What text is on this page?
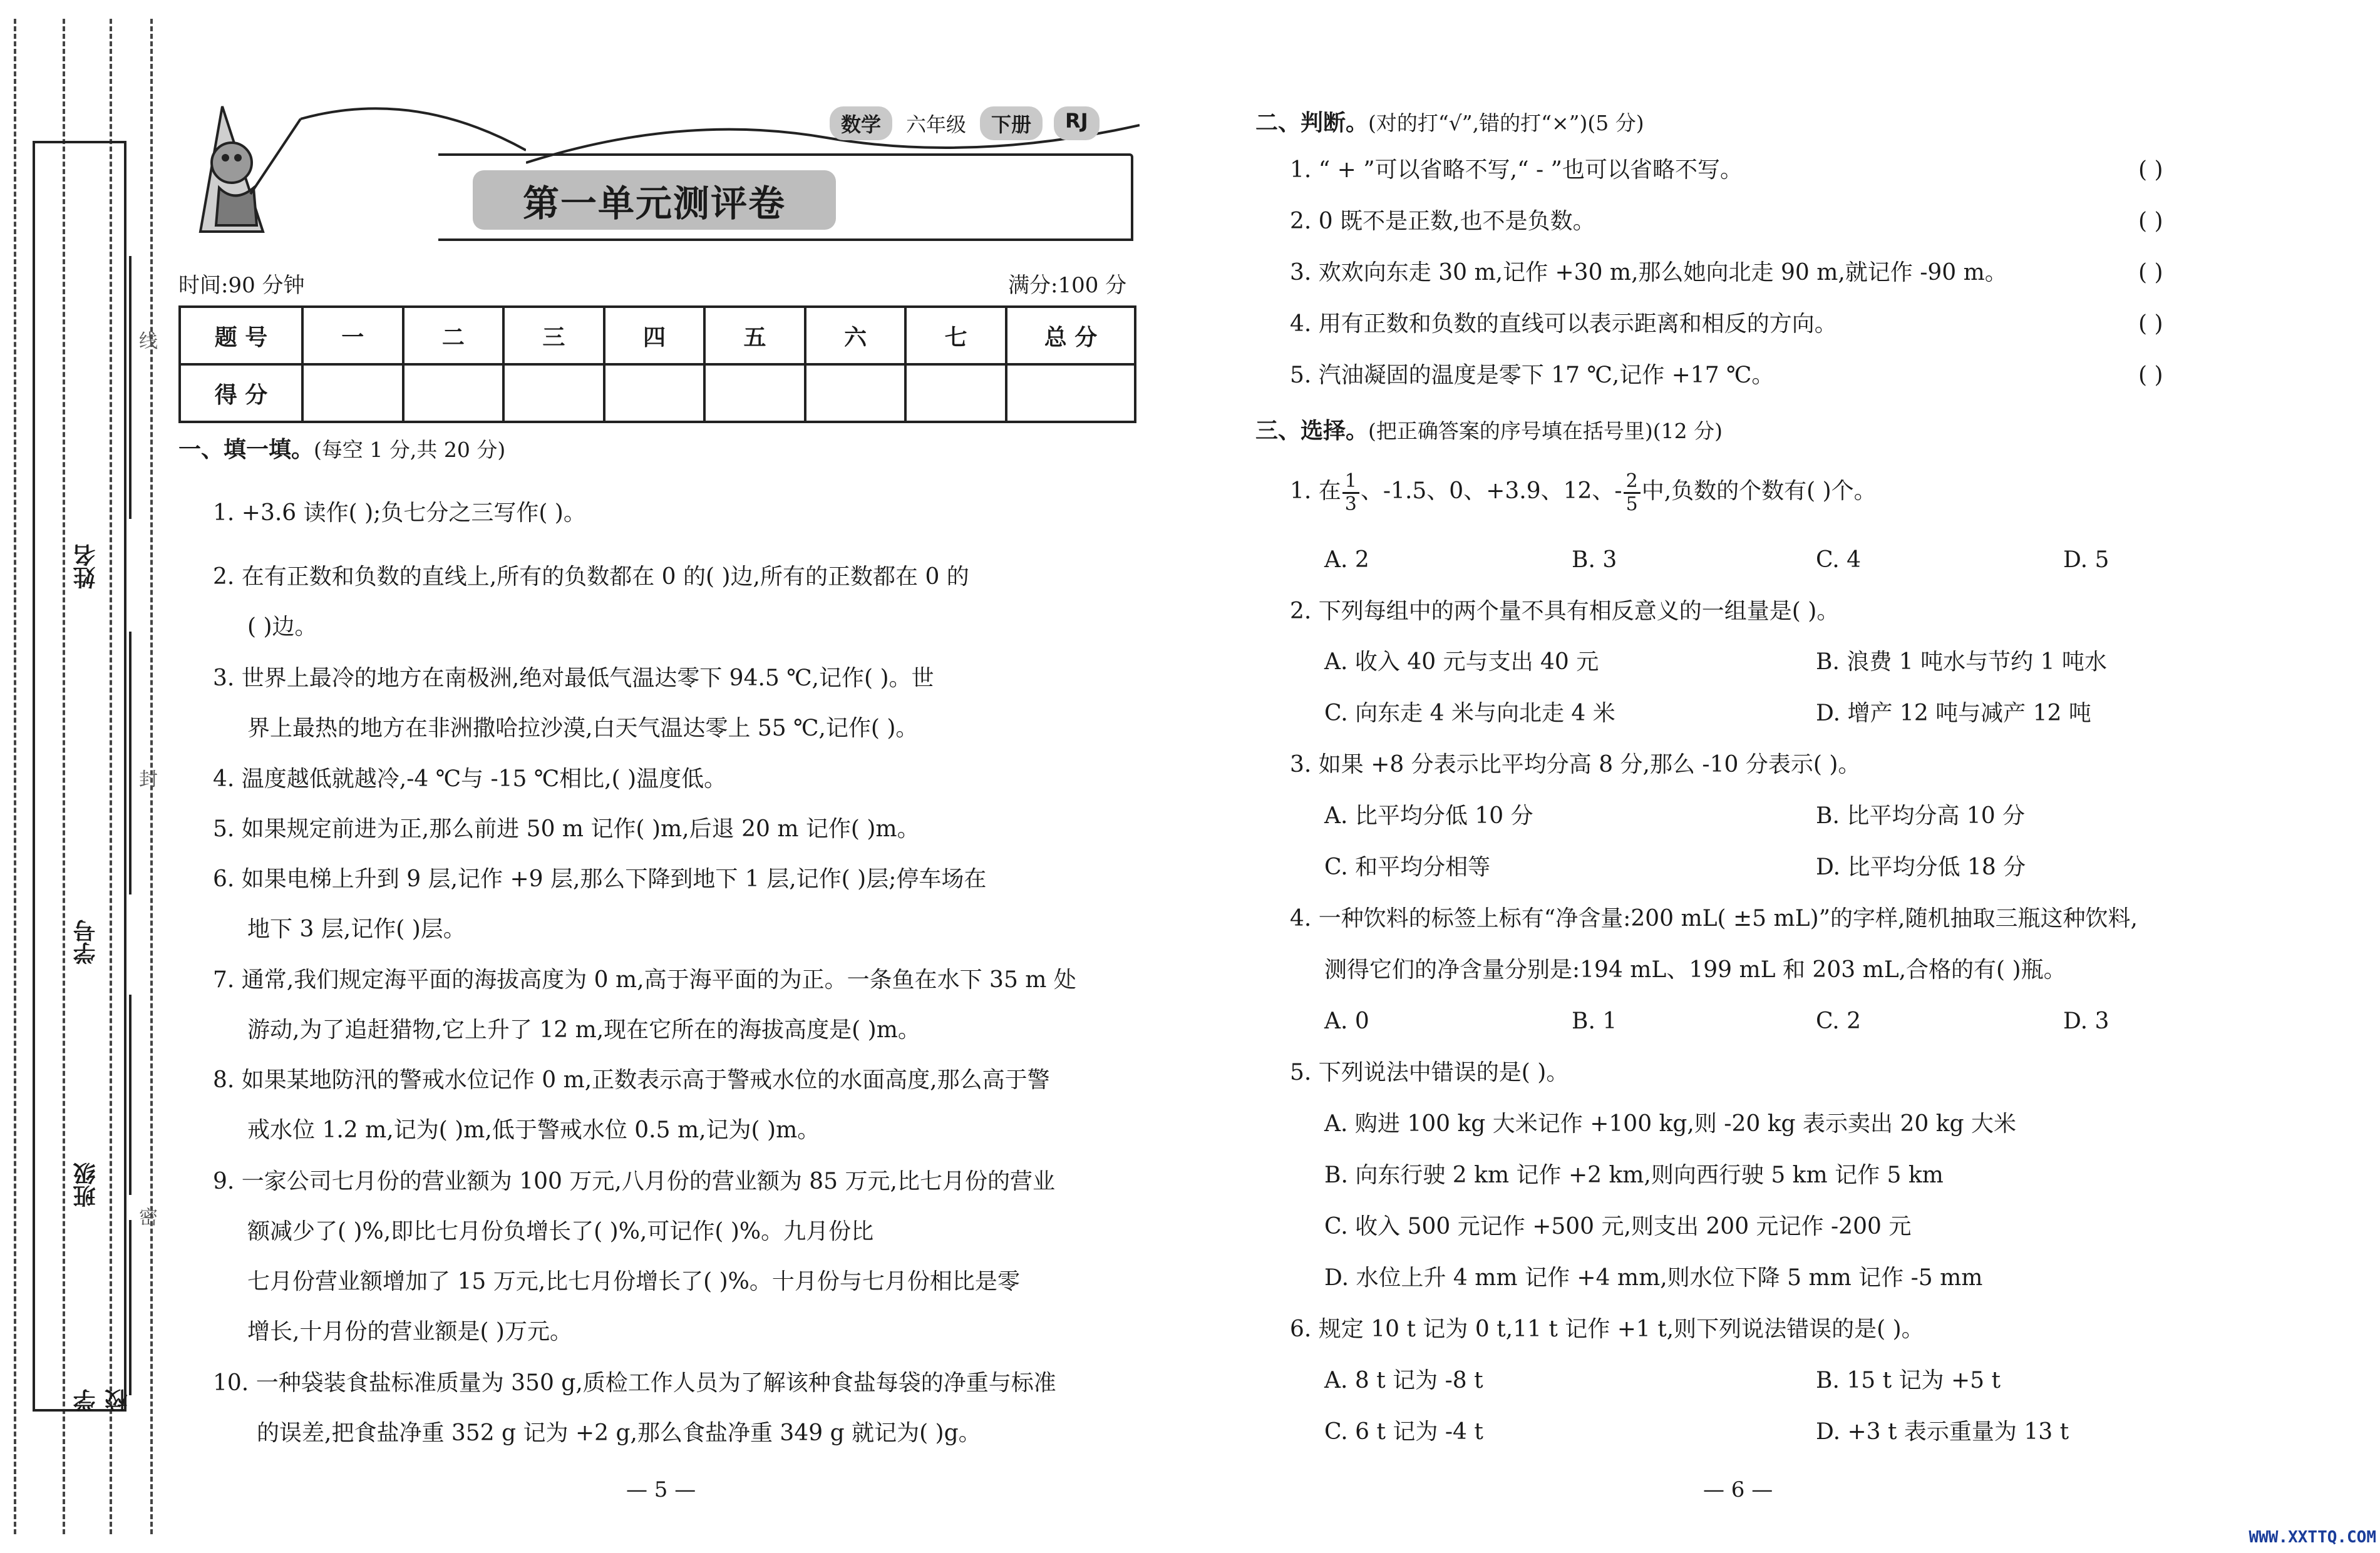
姓名
学号
班级
学校
线
封
密
数学	六年级	下册	RJ
第一单元测评卷
时间:90 分钟	满分:100 分
题 号	一	二	三	四	五	六	七	总 分
得 分								
一、填一填。(每空 1 分,共 20 分)
1. +3.6 读作( );负七分之三写作( )。
2. 在有正数和负数的直线上,所有的负数都在 0 的( )边,所有的正数都在 0 的
( )边。
3. 世界上最冷的地方在南极洲,绝对最低气温达零下 94.5 ℃,记作( )。世
界上最热的地方在非洲撒哈拉沙漠,白天气温达零上 55 ℃,记作( )。
4. 温度越低就越冷,-4 ℃与 -15 ℃相比,( )温度低。
5. 如果规定前进为正,那么前进 50 m 记作( )m,后退 20 m 记作( )m。
6. 如果电梯上升到 9 层,记作 +9 层,那么下降到地下 1 层,记作( )层;停车场在
地下 3 层,记作( )层。
7. 通常,我们规定海平面的海拔高度为 0 m,高于海平面的为正。一条鱼在水下 35 m 处
游动,为了追赶猎物,它上升了 12 m,现在它所在的海拔高度是( )m。
8. 如果某地防汛的警戒水位记作 0 m,正数表示高于警戒水位的水面高度,那么高于警
戒水位 1.2 m,记为( )m,低于警戒水位 0.5 m,记为( )m。
9. 一家公司七月份的营业额为 100 万元,八月份的营业额为 85 万元,比七月份的营业
额减少了( )%,即比七月份负增长了( )%,可记作( )%。九月份比
七月份营业额增加了 15 万元,比七月份增长了( )%。十月份与七月份相比是零
增长,十月份的营业额是( )万元。
10. 一种袋装食盐标准质量为 350 g,质检工作人员为了解该种食盐每袋的净重与标准
的误差,把食盐净重 352 g 记为 +2 g,那么食盐净重 349 g 就记为( )g。
— 5 —
二、判断。(对的打“√”,错的打“×”)(5 分)
1. “ + ”可以省略不写,“ - ”也可以省略不写。	( )
2. 0 既不是正数,也不是负数。	( )
3. 欢欢向东走 30 m,记作 +30 m,那么她向北走 90 m,就记作 -90 m。	( )
4. 用有正数和负数的直线可以表示距离和相反的方向。	( )
5. 汽油凝固的温度是零下 17 ℃,记作 +17 ℃。	( )
三、选择。(把正确答案的序号填在括号里)(12 分)
1. 在 $\frac{1}{3}$ 、-1.5、0、+3.9、12、- $\frac{2}{5}$ 中,负数的个数有( )个。
A. 2	B. 3	C. 4	D. 5
2. 下列每组中的两个量不具有相反意义的一组量是( )。
A. 收入 40 元与支出 40 元	B. 浪费 1 吨水与节约 1 吨水
C. 向东走 4 米与向北走 4 米	D. 增产 12 吨与减产 12 吨
3. 如果 +8 分表示比平均分高 8 分,那么 -10 分表示( )。
A. 比平均分低 10 分	B. 比平均分高 10 分
C. 和平均分相等	D. 比平均分低 18 分
4. 一种饮料的标签上标有“净含量:200 mL( ±5 mL)”的字样,随机抽取三瓶这种饮料,
测得它们的净含量分别是:194 mL、199 mL 和 203 mL,合格的有( )瓶。
A. 0	B. 1	C. 2	D. 3
5. 下列说法中错误的是( )。
A. 购进 100 kg 大米记作 +100 kg,则 -20 kg 表示卖出 20 kg 大米
B. 向东行驶 2 km 记作 +2 km,则向西行驶 5 km 记作 5 km
C. 收入 500 元记作 +500 元,则支出 200 元记作 -200 元
D. 水位上升 4 mm 记作 +4 mm,则水位下降 5 mm 记作 -5 mm
6. 规定 10 t 记为 0 t,11 t 记作 +1 t,则下列说法错误的是( )。
A. 8 t 记为 -8 t	B. 15 t 记为 +5 t
C. 6 t 记为 -4 t	D. +3 t 表示重量为 13 t
— 6 —
WWW.XXTTQ.COM
